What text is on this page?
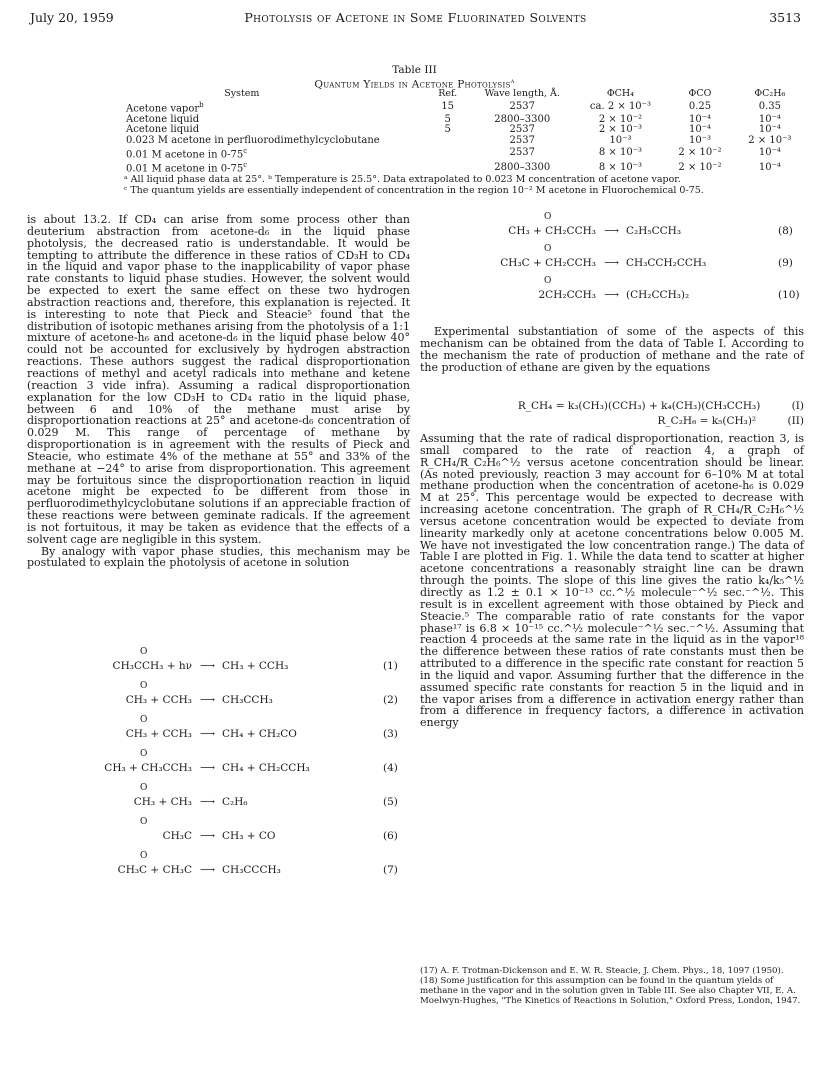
July 20, 1959	Photolysis of Acetone in Some Fluorinated Solvents	3513
Table III
Quantum Yields in Acetone Photolysis$^a$
System	Ref.	Wave length, Å.	ΦCH₄	ΦCO	ΦC₂H₆
Acetone vapor$^b$	15	2537	ca. 2 × 10⁻³	0.25	0.35
Acetone liquid	5	2800–3300	2 × 10⁻²	10⁻⁴	10⁻⁴
Acetone liquid	5	2537	2 × 10⁻³	10⁻⁴	10⁻⁴
0.023 M acetone in perfluorodimethylcyclobutane		2537	10⁻³	10⁻³	2 × 10⁻³
0.01 M acetone in 0-75$^c$		2537	8 × 10⁻³	2 × 10⁻²	10⁻⁴
0.01 M acetone in 0-75$^c$		2800–3300	8 × 10⁻³	2 × 10⁻²	10⁻⁴
ᵃ All liquid phase data at 25°. ᵇ Temperature is 25.5°. Data extrapolated to 0.023 M concentration of acetone vapor.
ᶜ The quantum yields are essentially independent of concentration in the region 10⁻² M acetone in Fluorochemical 0-75.

is about 13.2. If CD₄ can arise from some process other than deuterium abstraction from acetone-d₆ in the liquid phase photolysis, the decreased ratio is understandable. It would be tempting to attribute the difference in these ratios of CD₃H to CD₄ in the liquid and vapor phase to the inapplicability of vapor phase rate constants to liquid phase studies. However, the solvent would be expected to exert the same effect on these two hydrogen abstraction reactions and, therefore, this explanation is rejected. It is interesting to note that Pieck and Steacie⁵ found that the distribution of isotopic methanes arising from the photolysis of a 1:1 mixture of acetone-h₆ and acetone-d₆ in the liquid phase below 40° could not be accounted for exclusively by hydrogen abstraction reactions. These authors suggest the radical disproportionation reactions of methyl and acetyl radicals into methane and ketene (reaction 3 vide infra). Assuming a radical disproportionation explanation for the low CD₃H to CD₄ ratio in the liquid phase, between 6 and 10% of the methane must arise by disproportionation reactions at 25° and acetone-d₆ concentration of 0.029 M. This range of percentage of methane by disproportionation is in agreement with the results of Pieck and Steacie, who estimate 4% of the methane at 55° and 33% of the methane at −24° to arise from disproportionation. This agreement may be fortuitous since the disproportionation reaction in liquid acetone might be expected to be different from those in perfluorodimethylcyclobutane solutions if an appreciable fraction of these reactions were between geminate radicals. If the agreement is not fortuitous, it may be taken as evidence that the effects of a solvent cage are negligible in this system.

By analogy with vapor phase studies, this mechanism may be postulated to explain the photolysis of acetone in solution

O
CH₃CCH₃ + hν ⟶ CH₃ + CCH₃	(1)
O
CH₃ + CCH₃ ⟶ CH₃CCH₃	(2)
O
CH₃ + CCH₃ ⟶ CH₄ + CH₂CO	(3)
O
CH₃ + CH₃CCH₃ ⟶ CH₄ + CH₂CCH₃	(4)
O
CH₃ + CH₃ ⟶ C₂H₆	(5)
O
CH₃C ⟶ CH₃ + CO	(6)
O
CH₃C + CH₃C ⟶ CH₃CCCH₃	(7)
O
CH₃ + CH₂CCH₃ ⟶ C₂H₅CCH₃	(8)
O
CH₃C + CH₂CCH₃ ⟶ CH₃CCH₂CCH₃	(9)
O
2CH₂CCH₃ ⟶ (CH₂CCH₃)₂	(10)

Experimental substantiation of some of the aspects of this mechanism can be obtained from the data of Table I. According to the mechanism the rate of production of methane and the rate of the production of ethane are given by the equations

R_CH₄ = k₃(CH₃)(CCH₃) + k₄(CH₃)(CH₃CCH₃)	(I)
R_C₂H₆ = k₅(CH₃)²	(II)

Assuming that the rate of radical disproportionation, reaction 3, is small compared to the rate of reaction 4, a graph of R_CH₄/R_C₂H₆^½ versus acetone concentration should be linear. (As noted previously, reaction 3 may account for 6–10% M at total methane production when the concentration of acetone-h₆ is 0.029 M at 25°. This percentage would be expected to decrease with increasing acetone concentration. The graph of R_CH₄/R_C₂H₆^½ versus acetone concentration would be expected to deviate from linearity markedly only at acetone concentrations below 0.005 M. We have not investigated the low concentration range.) The data of Table I are plotted in Fig. 1. While the data tend to scatter at higher acetone concentrations a reasonably straight line can be drawn through the points. The slope of this line gives the ratio k₄/k₅^½ directly as 1.2 ± 0.1 × 10⁻¹³ cc.^½ molecule⁻^½ sec.⁻^½. This result is in excellent agreement with those obtained by Pieck and Steacie.⁵ The comparable ratio of rate constants for the vapor phase¹⁷ is 6.8 × 10⁻¹⁵ cc.^½ molecule⁻^½ sec.⁻^½. Assuming that reaction 4 proceeds at the same rate in the liquid as in the vapor¹⁸ the difference between these ratios of rate constants must then be attributed to a difference in the specific rate constant for reaction 5 in the liquid and vapor. Assuming further that the difference in the assumed specific rate constants for reaction 5 in the liquid and in the vapor arises from a difference in activation energy rather than from a difference in frequency factors, a difference in activation energy

(17) A. F. Trotman-Dickenson and E. W. R. Steacie, J. Chem. Phys., 18, 1097 (1950).

(18) Some justification for this assumption can be found in the quantum yields of methane in the vapor and in the solution given in Table III. See also Chapter VII, E. A. Moelwyn-Hughes, "The Kinetics of Reactions in Solution," Oxford Press, London, 1947.
